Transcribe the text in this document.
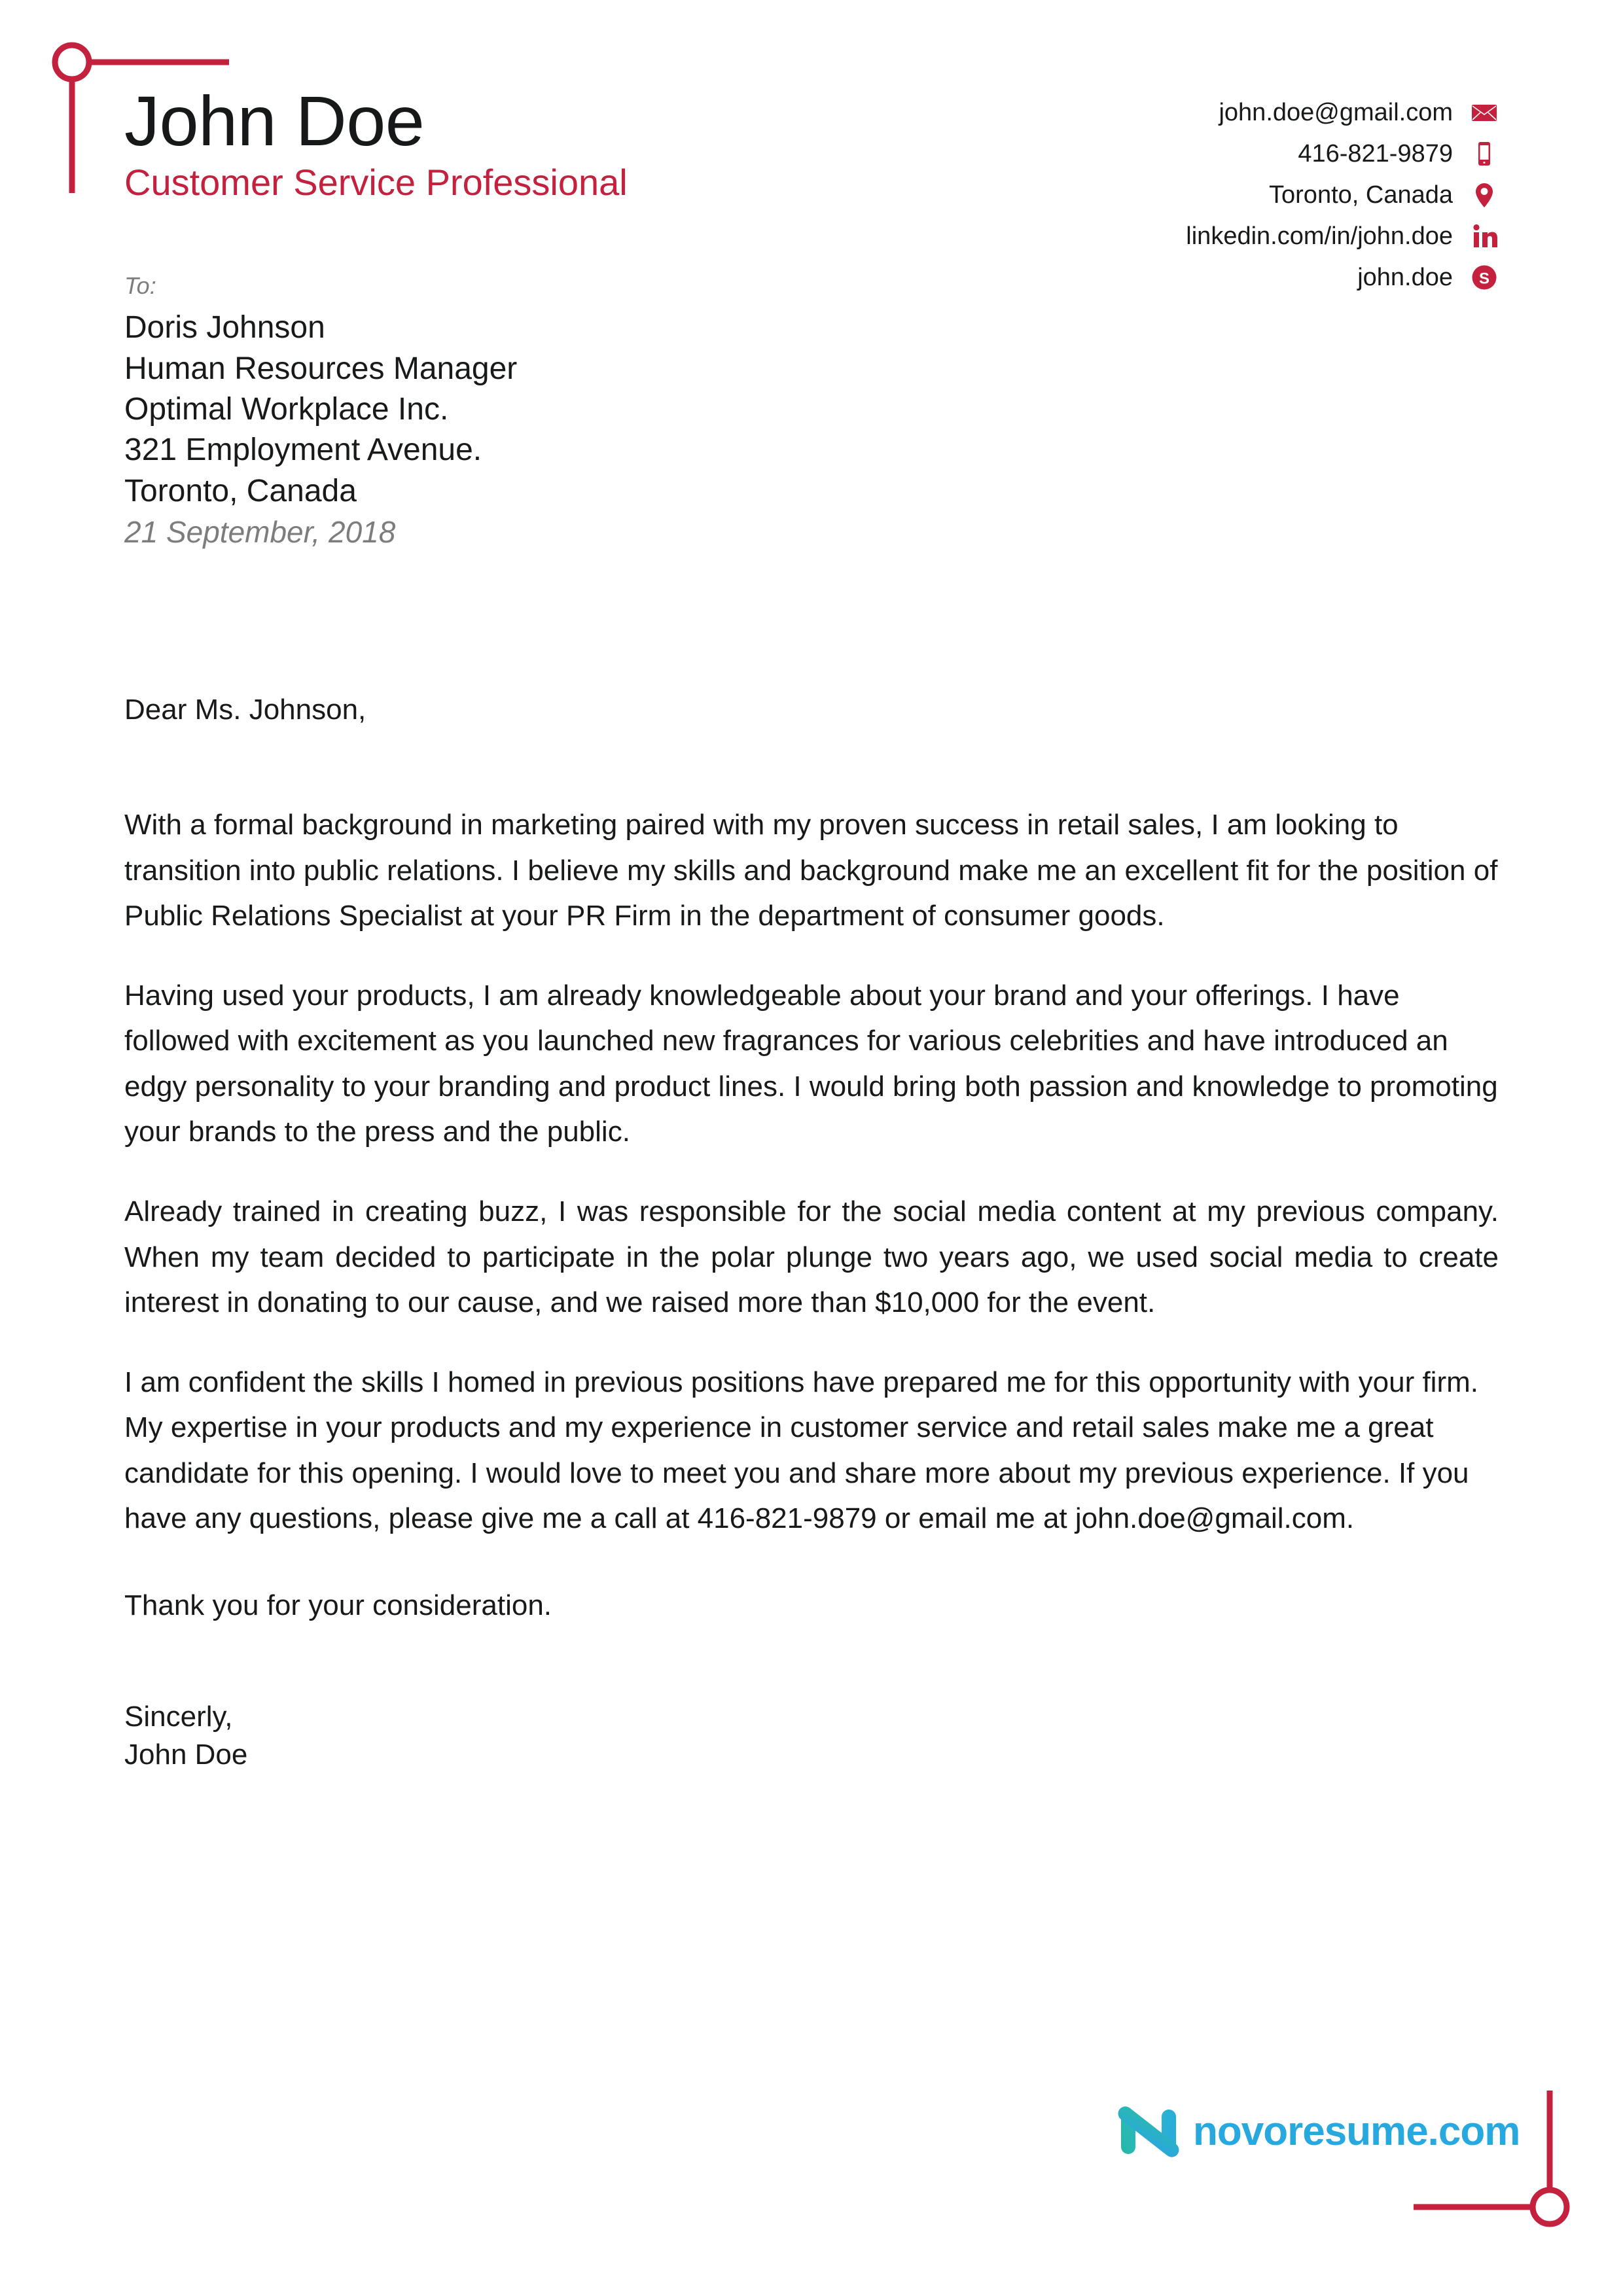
John Doe
Customer Service Professional
john.doe@gmail.com
416-821-9879
Toronto, Canada
linkedin.com/in/john.doe
john.doe S
To:
Doris Johnson
Human Resources Manager
Optimal Workplace Inc.
321 Employment Avenue.
Toronto, Canada
21 September, 2018

Dear Ms. Johnson,

With a formal background in marketing paired with my proven success in retail sales, I am looking to transition into public relations. I believe my skills and background make me an excellent fit for the position of Public Relations Specialist at your PR Firm in the department of consumer goods.

Having used your products, I am already knowledgeable about your brand and your offerings. I have followed with excitement as you launched new fragrances for various celebrities and have introduced an edgy personality to your branding and product lines. I would bring both passion and knowledge to promoting your brands to the press and the public.

Already trained in creating buzz, I was responsible for the social media content at my previous company. When my team decided to participate in the polar plunge two years ago, we used social media to create interest in donating to our cause, and we raised more than $10,000 for the event.

I am confident the skills I homed in previous positions have prepared me for this opportunity with your firm. My expertise in your products and my experience in customer service and retail sales make me a great candidate for this opening. I would love to meet you and share more about my previous experience. If you have any questions, please give me a call at 416-821-9879 or email me at john.doe@gmail.com.

Thank you for your consideration.

Sincerly,
John Doe
novoresume.com
